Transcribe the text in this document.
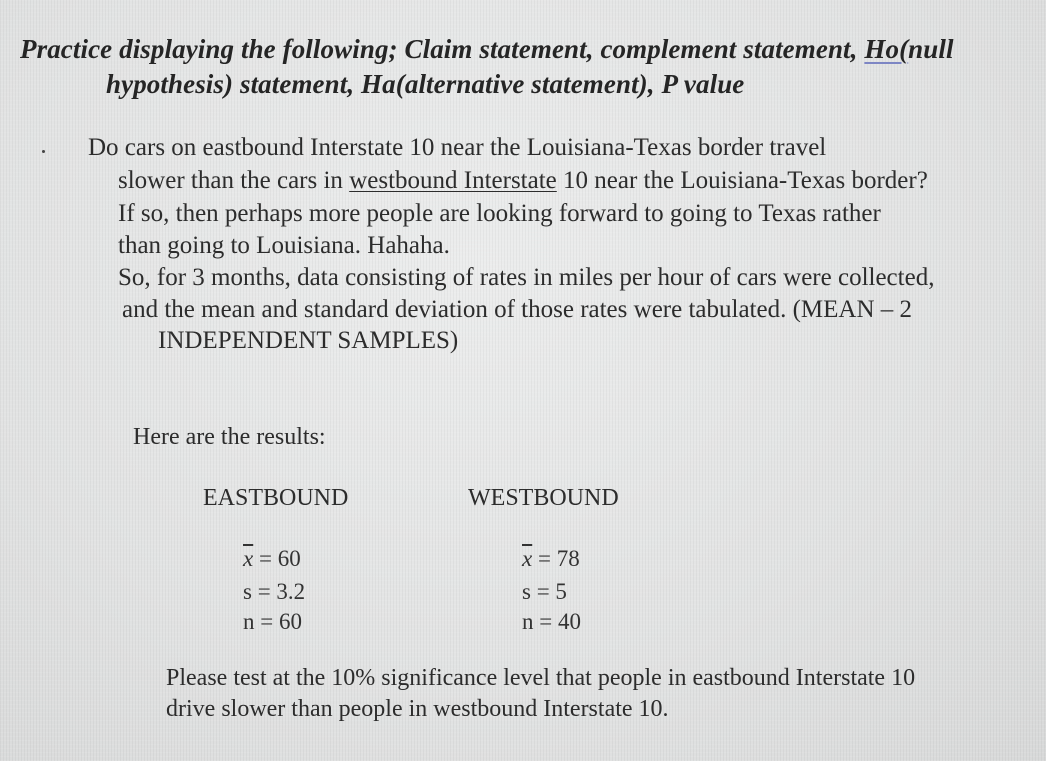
Practice displaying the following; Claim statement, complement statement, Ho(null
hypothesis) statement, Ha(alternative statement), P value
Do cars on eastbound Interstate 10 near the Louisiana-Texas border travel
slower than the cars in westbound Interstate 10 near the Louisiana-Texas border?
If so, then perhaps more people are looking forward to going to Texas rather
than going to Louisiana. Hahaha.
So, for 3 months, data consisting of rates in miles per hour of cars were collected,
and the mean and standard deviation of those rates were tabulated. (MEAN – 2
INDEPENDENT SAMPLES)
Here are the results:
EASTBOUND	WESTBOUND
$\overline{x} = 60$
s = 3.2
n = 60
$\overline{x} = 78$
s = 5
n = 40
Please test at the 10% significance level that people in eastbound Interstate 10
drive slower than people in westbound Interstate 10.
